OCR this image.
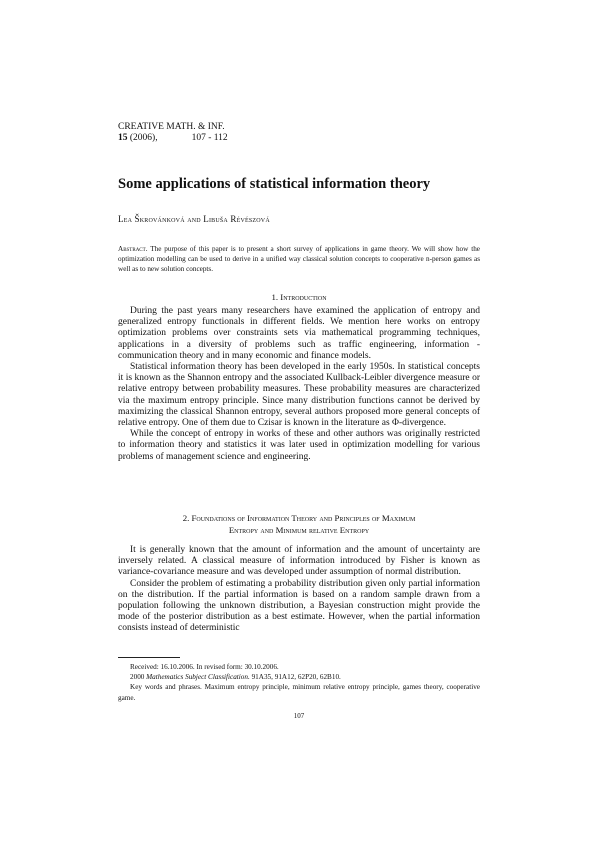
CREATIVE MATH. & INF.
15
(2006),	107 - 112
Some applications of statistical information theory
Lea Škrovánková and Libuša Révészová
Abstract. The purpose of this paper is to present a short survey of applications in game theory. We will show how the optimization modelling can be used to derive in a unified way classical solution concepts to cooperative n-person games as well as to new solution concepts.
1. Introduction

During the past years many researchers have examined the application of entropy and generalized entropy functionals in different fields. We mention here works on entropy optimization problems over constraints sets via mathematical programming techniques, applications in a diversity of problems such as traffic engineering, information - communication theory and in many economic and finance models.

Statistical information theory has been developed in the early 1950s. In statistical concepts it is known as the Shannon entropy and the associated Kullback-Leibler divergence measure or relative entropy between probability measures. These probability measures are characterized via the maximum entropy principle. Since many distribution functions cannot be derived by maximizing the classical Shannon entropy, several authors proposed more general concepts of relative entropy. One of them due to Czisar is known in the literature as Φ-divergence.

While the concept of entropy in works of these and other authors was originally restricted to information theory and statistics it was later used in optimization modelling for various problems of management science and engineering.

2. Foundations of Information Theory and Principles of Maximum
Entropy and Minimum relative Entropy

It is generally known that the amount of information and the amount of uncertainty are inversely related. A classical measure of information introduced by Fisher is known as variance-covariance measure and was developed under assumption of normal distribution.

Consider the problem of estimating a probability distribution given only partial information on the distribution. If the partial information is based on a random sample drawn from a population following the unknown distribution, a Bayesian construction might provide the mode of the posterior distribution as a best estimate. However, when the partial information consists instead of deterministic

Received: 16.10.2006. In revised form: 30.10.2006.

2000 Mathematics Subject Classification. 91A35, 91A12, 62P20, 62B10.

Key words and phrases. Maximum entropy principle, minimum relative entropy principle, games theory, cooperative game.

107
